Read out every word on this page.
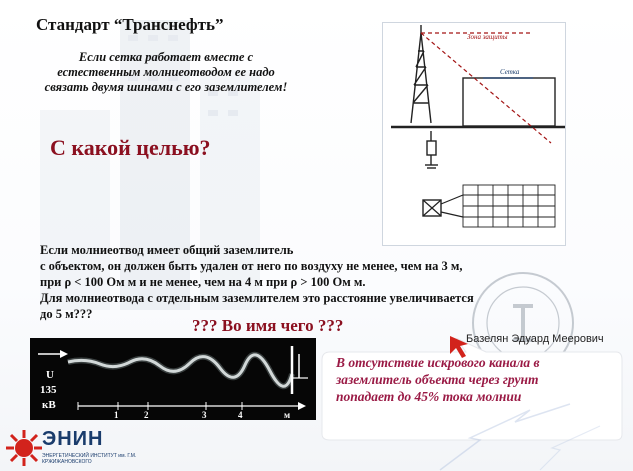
Стандарт “Транснефть”
Если сетка работает вместе с естественным молниеотводом ее надо связать двумя шинами с его заземлителем!
С какой целью?
Зона защиты
Сетка
Если молниеотвод имеет общий заземлитель
с объектом, он должен быть удален от него по воздуху не менее, чем на 3 м,
при ρ < 100 Ом м и не менее, чем на 4 м при ρ > 100 Ом м.
Для молниеотвода с отдельным заземлителем это расстояние увеличивается
до 5 м???
??? Во имя чего ???
U
135
кВ
1	2	3	4	м
В отсутствие искрового канала в заземлитель объекта через грунт попадает до 45% тока молнии
Базелян Эдуард Меерович
ЭНИН
ЭНЕРГЕТИЧЕСКИЙ ИНСТИТУТ им. Г.М. КРЖИЖАНОВСКОГО
